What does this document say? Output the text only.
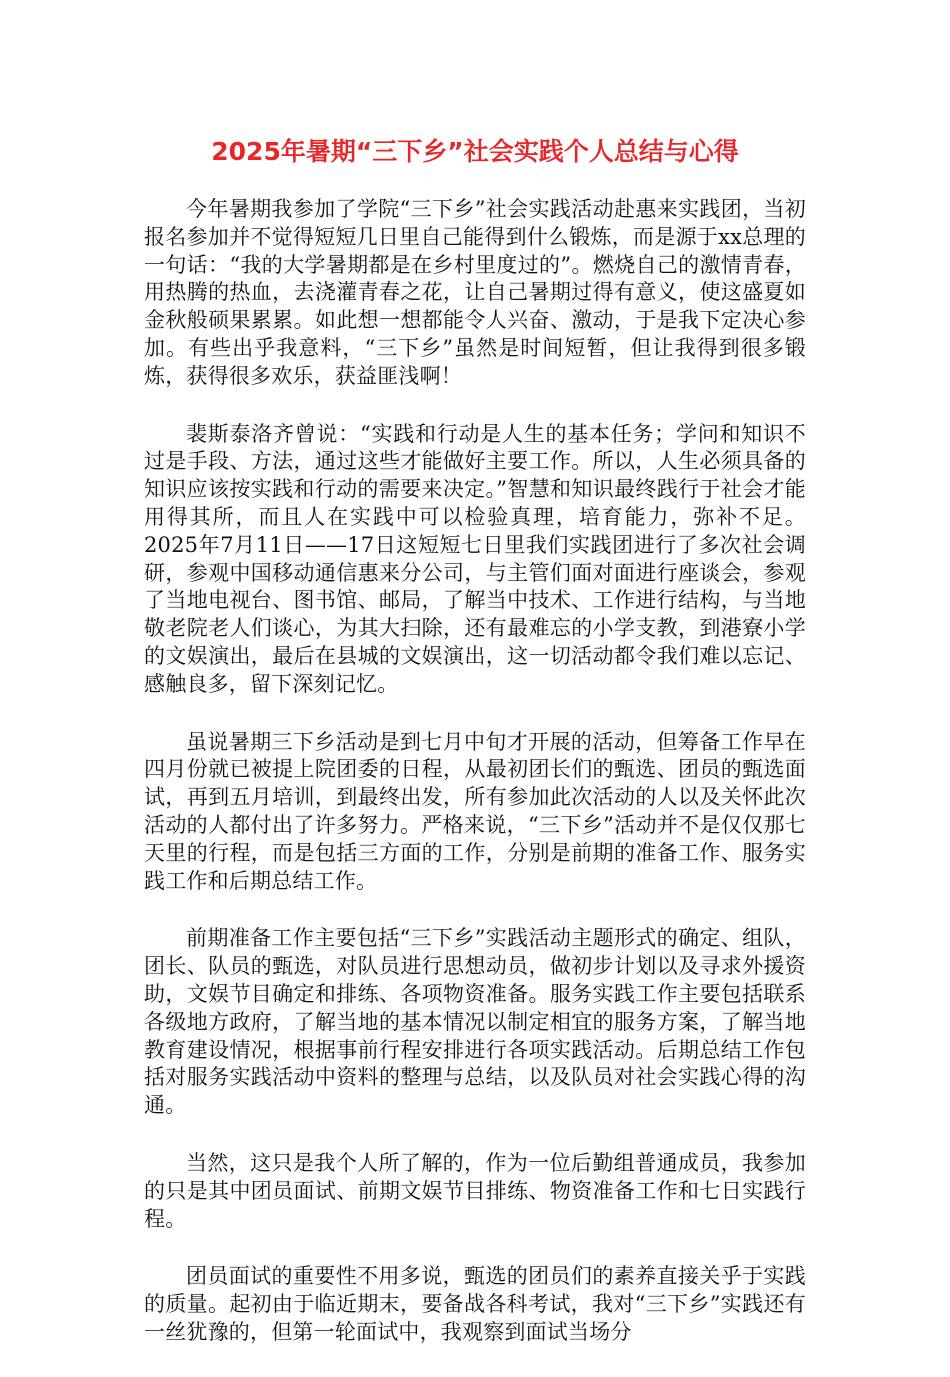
2025年暑期“三下乡”社会实践个人总结与心得

今年暑期我参加了学院“三下乡”社会实践活动赴惠来实践团，当初报名参加并不觉得短短几日里自己能得到什么锻炼，而是源于xx总理的一句话：“我的大学暑期都是在乡村里度过的”。燃烧自己的激情青春，用热腾的热血，去浇灌青春之花，让自己暑期过得有意义，使这盛夏如金秋般硕果累累。如此想一想都能令人兴奋、激动，于是我下定决心参加。有些出乎我意料，“三下乡”虽然是时间短暂，但让我得到很多锻炼，获得很多欢乐，获益匪浅啊！

裴斯泰洛齐曾说：“实践和行动是人生的基本任务；学问和知识不过是手段、方法，通过这些才能做好主要工作。所以，人生必须具备的知识应该按实践和行动的需要来决定。”智慧和知识最终践行于社会才能用得其所，而且人在实践中可以检验真理，培育能力，弥补不足。 2025年7月11日——17日这短短七日里我们实践团进行了多次社会调研，参观中国移动通信惠来分公司，与主管们面对面进行座谈会，参观了当地电视台、图书馆、邮局，了解当中技术、工作进行结构，与当地敬老院老人们谈心，为其大扫除，还有最难忘的小学支教，到港寮小学的文娱演出，最后在县城的文娱演出，这一切活动都令我们难以忘记、感触良多，留下深刻记忆。

虽说暑期三下乡活动是到七月中旬才开展的活动，但筹备工作早在四月份就已被提上院团委的日程，从最初团长们的甄选、团员的甄选面试，再到五月培训，到最终出发，所有参加此次活动的人以及关怀此次活动的人都付出了许多努力。严格来说，“三下乡”活动并不是仅仅那七天里的行程，而是包括三方面的工作，分别是前期的准备工作、服务实践工作和后期总结工作。

前期准备工作主要包括“三下乡”实践活动主题形式的确定、组队，团长、队员的甄选，对队员进行思想动员，做初步计划以及寻求外援资助，文娱节目确定和排练、各项物资准备。服务实践工作主要包括联系各级地方政府，了解当地的基本情况以制定相宜的服务方案，了解当地教育建设情况，根据事前行程安排进行各项实践活动。后期总结工作包括对服务实践活动中资料的整理与总结，以及队员对社会实践心得的沟通。

当然，这只是我个人所了解的，作为一位后勤组普通成员，我参加的只是其中团员面试、前期文娱节目排练、物资准备工作和七日实践行程。

团员面试的重要性不用多说，甄选的团员们的素养直接关乎于实践的质量。起初由于临近期末，要备战各科考试，我对“三下乡”实践还有一丝犹豫的，但第一轮面试中，我观察到面试当场分
